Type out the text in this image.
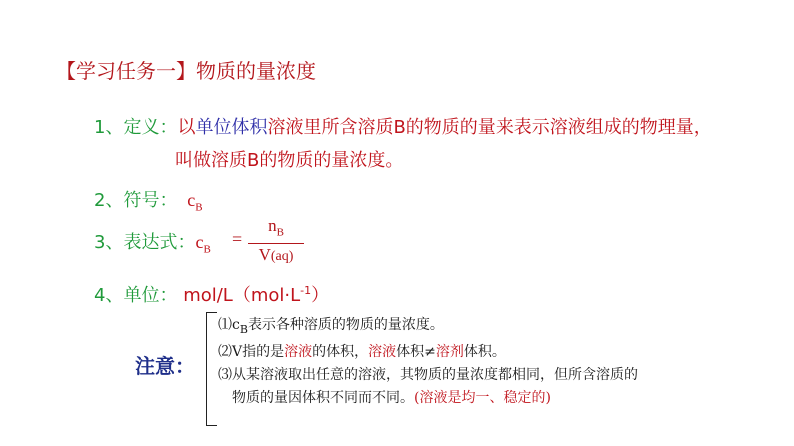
【学习任务一】物质的量浓度
1、定义：以单位体积溶液里所含溶质B的物质的量来表示溶液组成的物理量，
叫做溶质B的物质的量浓度。
2、符号： $c_B$
3、表达式：$c_B$
=
$n_B$
V(aq)
4、单位： mol/$L(mol\cdot L^{-1})$
注意：
$⑴c_B$表示各种溶质的物质的量浓度。
⑵V指的是溶液的体积，溶液体积≠溶剂体积。
⑶从某溶液取出任意的溶液，其物质的量浓度都相同，但所含溶质的
物质的量因体积不同而不同。(溶液是均一、稳定的)
